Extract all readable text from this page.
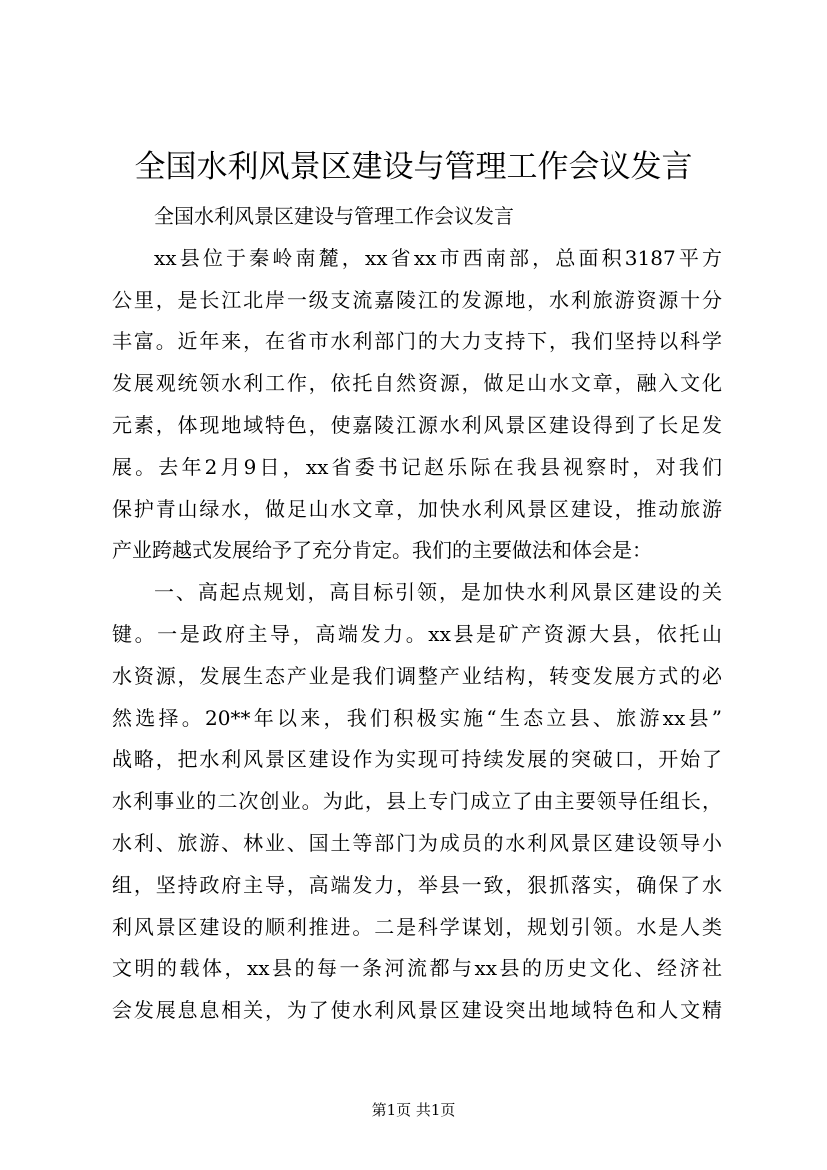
全国水利风景区建设与管理工作会议发言
全国水利风景区建设与管理工作会议发言
xx县位于秦岭南麓，xx省xx市西南部，总面积3187平方
公里，是长江北岸一级支流嘉陵江的发源地，水利旅游资源十分
丰富。近年来，在省市水利部门的大力支持下，我们坚持以科学
发展观统领水利工作，依托自然资源，做足山水文章，融入文化
元素，体现地域特色，使嘉陵江源水利风景区建设得到了长足发
展。去年2月9日，xx省委书记赵乐际在我县视察时，对我们
保护青山绿水，做足山水文章，加快水利风景区建设，推动旅游
产业跨越式发展给予了充分肯定。我们的主要做法和体会是：
一、高起点规划，高目标引领，是加快水利风景区建设的关
键。一是政府主导，高端发力。xx县是矿产资源大县，依托山
水资源，发展生态产业是我们调整产业结构，转变发展方式的必
然选择。20**年以来，我们积极实施“生态立县、旅游xx县”
战略，把水利风景区建设作为实现可持续发展的突破口，开始了
水利事业的二次创业。为此，县上专门成立了由主要领导任组长，
水利、旅游、林业、国土等部门为成员的水利风景区建设领导小
组，坚持政府主导，高端发力，举县一致，狠抓落实，确保了水
利风景区建设的顺利推进。二是科学谋划，规划引领。水是人类
文明的载体，xx县的每一条河流都与xx县的历史文化、经济社
会发展息息相关，为了使水利风景区建设突出地域特色和人文精
第1页 共1页
